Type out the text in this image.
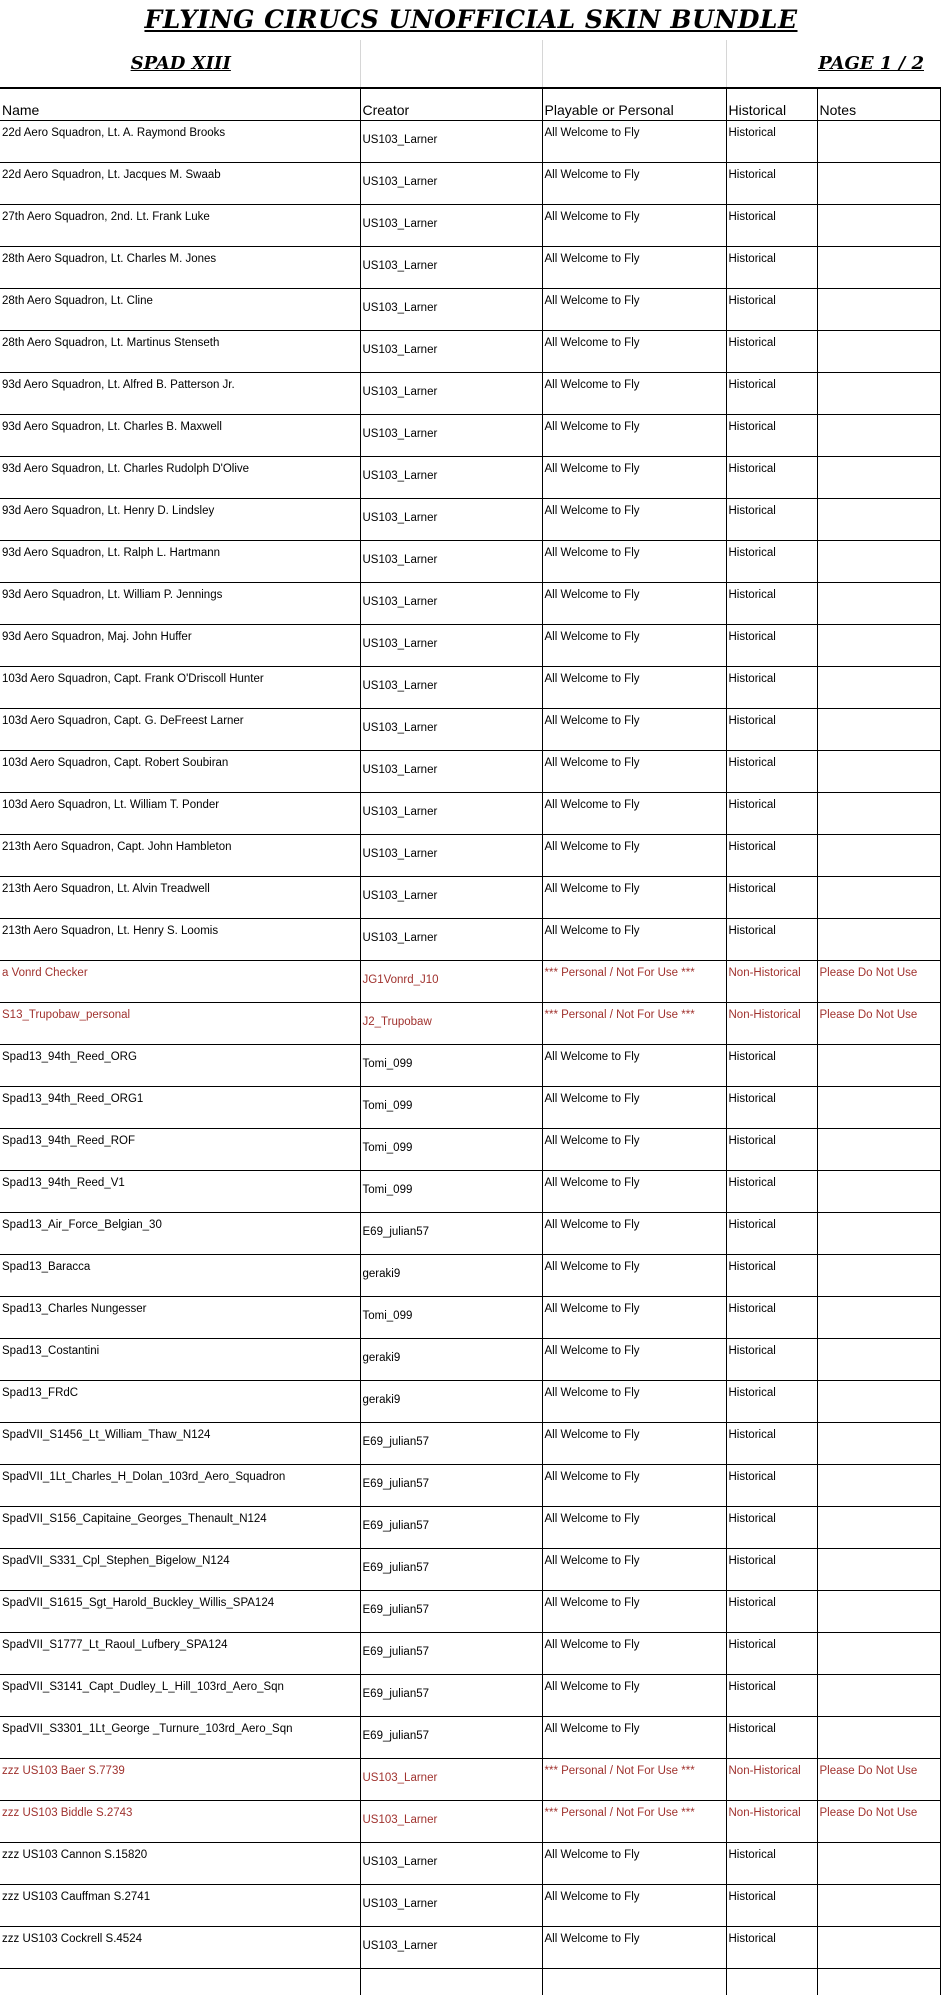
FLYING CIRUCS UNOFFICIAL SKIN BUNDLE
SPAD XIII			PAGE 1 / 2	
Name	Creator	Playable or Personal	Historical	Notes
22d Aero Squadron, Lt. A. Raymond Brooks	US103_Larner	All Welcome to Fly	Historical	
22d Aero Squadron, Lt. Jacques M. Swaab	US103_Larner	All Welcome to Fly	Historical	
27th Aero Squadron, 2nd. Lt. Frank Luke	US103_Larner	All Welcome to Fly	Historical	
28th Aero Squadron, Lt. Charles M. Jones	US103_Larner	All Welcome to Fly	Historical	
28th Aero Squadron, Lt. Cline	US103_Larner	All Welcome to Fly	Historical	
28th Aero Squadron, Lt. Martinus Stenseth	US103_Larner	All Welcome to Fly	Historical	
93d Aero Squadron, Lt. Alfred B. Patterson Jr.	US103_Larner	All Welcome to Fly	Historical	
93d Aero Squadron, Lt. Charles B. Maxwell	US103_Larner	All Welcome to Fly	Historical	
93d Aero Squadron, Lt. Charles Rudolph D'Olive	US103_Larner	All Welcome to Fly	Historical	
93d Aero Squadron, Lt. Henry D. Lindsley	US103_Larner	All Welcome to Fly	Historical	
93d Aero Squadron, Lt. Ralph L. Hartmann	US103_Larner	All Welcome to Fly	Historical	
93d Aero Squadron, Lt. William P. Jennings	US103_Larner	All Welcome to Fly	Historical	
93d Aero Squadron, Maj. John Huffer	US103_Larner	All Welcome to Fly	Historical	
103d Aero Squadron, Capt. Frank O'Driscoll Hunter	US103_Larner	All Welcome to Fly	Historical	
103d Aero Squadron, Capt. G. DeFreest Larner	US103_Larner	All Welcome to Fly	Historical	
103d Aero Squadron, Capt. Robert Soubiran	US103_Larner	All Welcome to Fly	Historical	
103d Aero Squadron, Lt. William T. Ponder	US103_Larner	All Welcome to Fly	Historical	
213th Aero Squadron, Capt. John Hambleton	US103_Larner	All Welcome to Fly	Historical	
213th Aero Squadron, Lt. Alvin Treadwell	US103_Larner	All Welcome to Fly	Historical	
213th Aero Squadron, Lt. Henry S. Loomis	US103_Larner	All Welcome to Fly	Historical	
a Vonrd Checker	JG1Vonrd_J10	*** Personal / Not For Use ***	Non-Historical	Please Do Not Use
S13_Trupobaw_personal	J2_Trupobaw	*** Personal / Not For Use ***	Non-Historical	Please Do Not Use
Spad13_94th_Reed_ORG	Tomi_099	All Welcome to Fly	Historical	
Spad13_94th_Reed_ORG1	Tomi_099	All Welcome to Fly	Historical	
Spad13_94th_Reed_ROF	Tomi_099	All Welcome to Fly	Historical	
Spad13_94th_Reed_V1	Tomi_099	All Welcome to Fly	Historical	
Spad13_Air_Force_Belgian_30	E69_julian57	All Welcome to Fly	Historical	
Spad13_Baracca	geraki9	All Welcome to Fly	Historical	
Spad13_Charles Nungesser	Tomi_099	All Welcome to Fly	Historical	
Spad13_Costantini	geraki9	All Welcome to Fly	Historical	
Spad13_FRdC	geraki9	All Welcome to Fly	Historical	
SpadVII_S1456_Lt_William_Thaw_N124	E69_julian57	All Welcome to Fly	Historical	
SpadVII_1Lt_Charles_H_Dolan_103rd_Aero_Squadron	E69_julian57	All Welcome to Fly	Historical	
SpadVII_S156_Capitaine_Georges_Thenault_N124	E69_julian57	All Welcome to Fly	Historical	
SpadVII_S331_Cpl_Stephen_Bigelow_N124	E69_julian57	All Welcome to Fly	Historical	
SpadVII_S1615_Sgt_Harold_Buckley_Willis_SPA124	E69_julian57	All Welcome to Fly	Historical	
SpadVII_S1777_Lt_Raoul_Lufbery_SPA124	E69_julian57	All Welcome to Fly	Historical	
SpadVII_S3141_Capt_Dudley_L_Hill_103rd_Aero_Sqn	E69_julian57	All Welcome to Fly	Historical	
SpadVII_S3301_1Lt_George _Turnure_103rd_Aero_Sqn	E69_julian57	All Welcome to Fly	Historical	
zzz US103 Baer S.7739	US103_Larner	*** Personal / Not For Use ***	Non-Historical	Please Do Not Use
zzz US103 Biddle S.2743	US103_Larner	*** Personal / Not For Use ***	Non-Historical	Please Do Not Use
zzz US103 Cannon S.15820	US103_Larner	All Welcome to Fly	Historical	
zzz US103 Cauffman S.2741	US103_Larner	All Welcome to Fly	Historical	
zzz US103 Cockrell S.4524	US103_Larner	All Welcome to Fly	Historical	
